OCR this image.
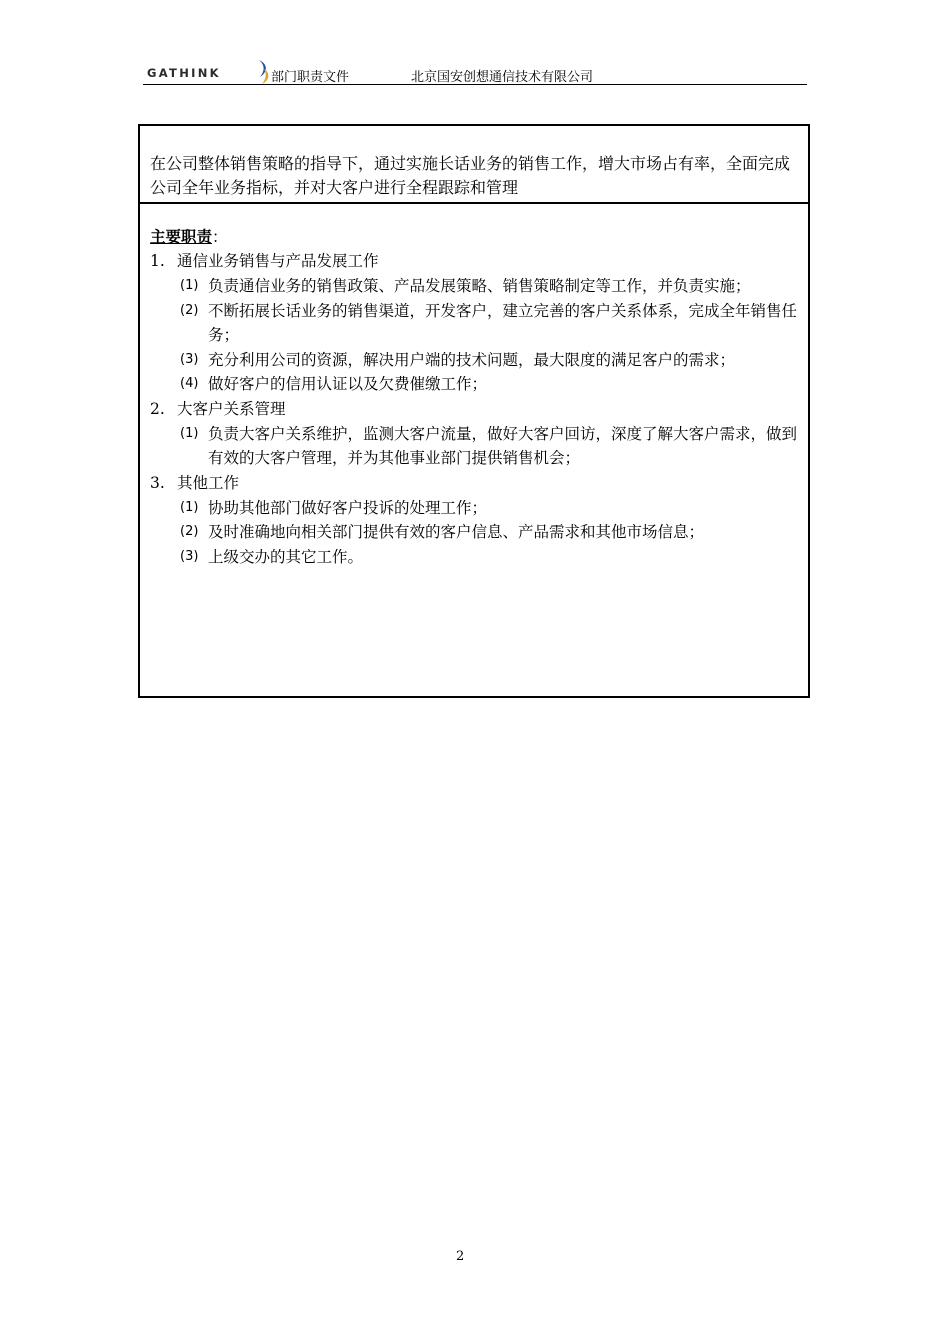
GATHINK	部门职责文件	北京国安创想通信技术有限公司

在公司整体销售策略的指导下，通过实施长话业务的销售工作，增大市场占有率，全面完成公司全年业务指标，并对大客户进行全程跟踪和管理

主要职责：
1. 通信业务销售与产品发展工作
(1) 负责通信业务的销售政策、产品发展策略、销售策略制定等工作，并负责实施；
(2) 不断拓展长话业务的销售渠道，开发客户，建立完善的客户关系体系，完成全年销售任务；
(3) 充分利用公司的资源，解决用户端的技术问题，最大限度的满足客户的需求；
(4) 做好客户的信用认证以及欠费催缴工作；
2. 大客户关系管理
(1) 负责大客户关系维护，监测大客户流量，做好大客户回访，深度了解大客户需求，做到有效的大客户管理，并为其他事业部门提供销售机会；
3. 其他工作
(1) 协助其他部门做好客户投诉的处理工作；
(2) 及时准确地向相关部门提供有效的客户信息、产品需求和其他市场信息；
(3) 上级交办的其它工作。
2
